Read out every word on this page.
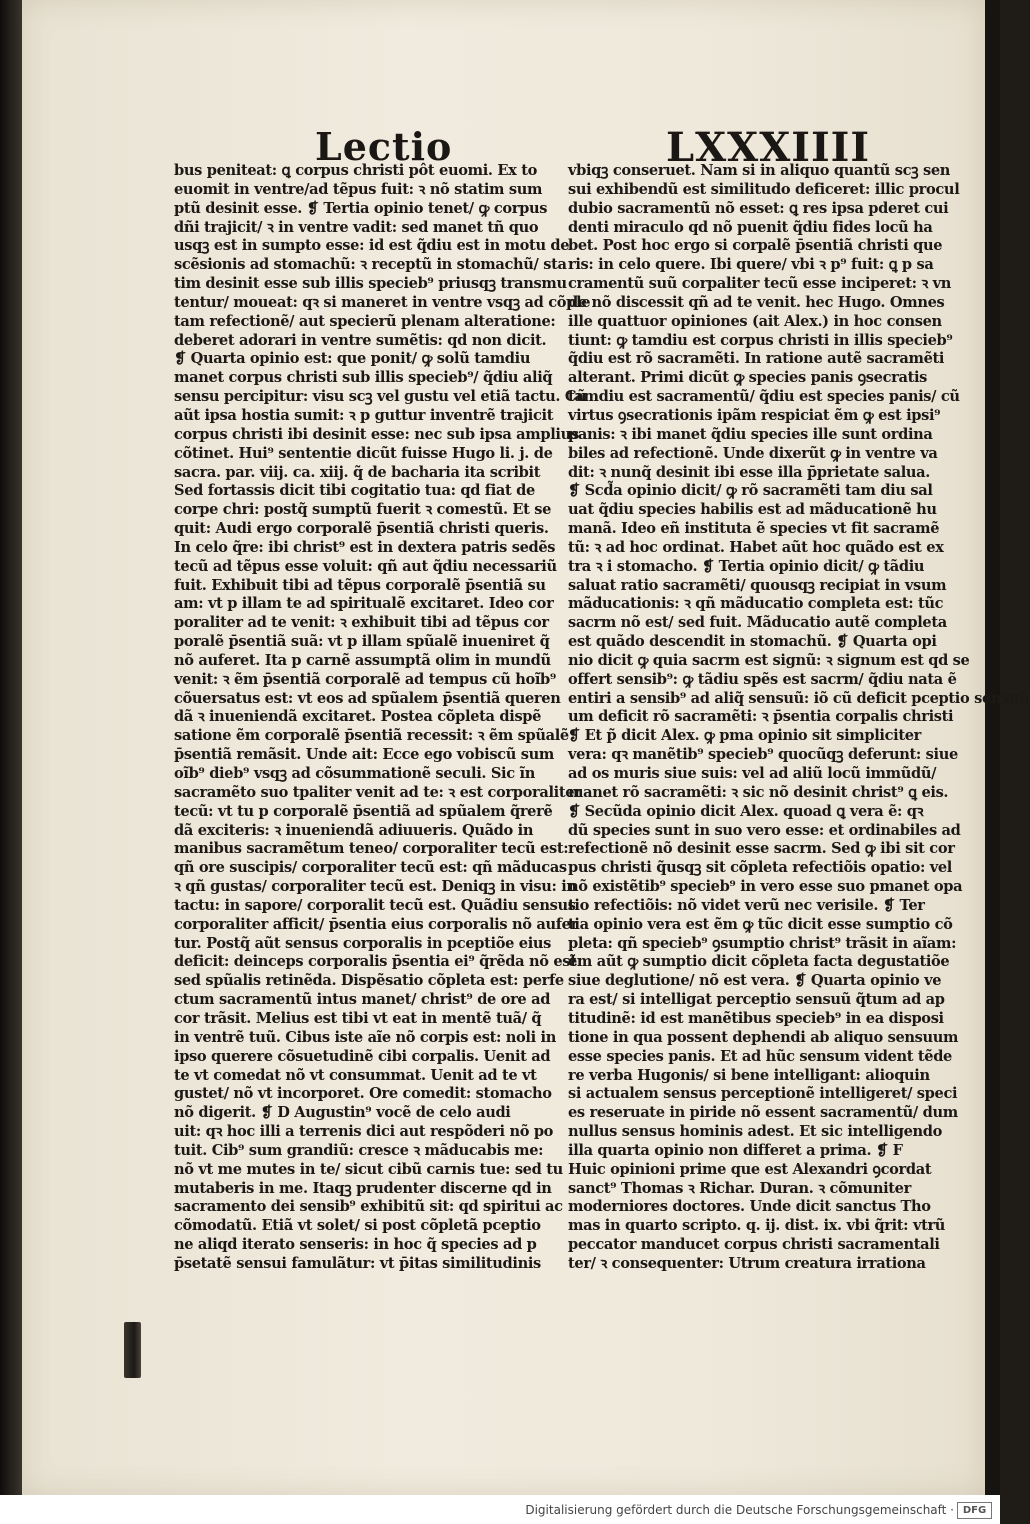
Lectio	LXXXIIII
bus peniteat: ꝗ corpus christi pôt euomi. Ex to
euomit in ventre/ad tẽpus fuit: ꝛ nõ statim sum
ptũ desinit esse. ❡ Tertia opinio tenet/ ꝙ corpus
dñi trajicit/ ꝛ in ventre vadit: sed manet tñ quo
usqꝫ est in sumpto esse: id est q̃diu est in motu de
scẽsionis ad stomachũ: ꝛ receptũ in stomachũ/ sta
tim desinit esse sub illis specieb⁹ priusqꝫ transmu
tentur/ moueat: qꝛ si maneret in ventre vsqꝫ ad cõple
tam refectionẽ/ aut specierũ plenam alteratione:
deberet adorari in ventre sumẽtis: qd non dicit.
❡ Quarta opinio est: que ponit/ ꝙ solũ tamdiu
manet corpus christi sub illis specieb⁹/ q̃diu aliq̃
sensu percipitur: visu scꝫ vel gustu vel etiã tactu. Cũ
aũt ipsa hostia sumit: ꝛ p guttur inventrẽ trajicit
corpus christi ibi desinit esse: nec sub ipsa amplius
cõtinet. Hui⁹ sententie dicũt fuisse Hugo li. j. de
sacra. par. viij. ca. xiij. q̃ de bacharia ita scribit
Sed fortassis dicit tibi cogitatio tua: qd fiat de
corpe chri: postq̃ sumptũ fuerit ꝛ comestũ. Et se
quit: Audi ergo corporalẽ p̄sentiã christi queris.
In celo q̃re: ibi christ⁹ est in dextera patris sedẽs
tecũ ad tẽpus esse voluit: qñ aut q̃diu necessariũ
fuit. Exhibuit tibi ad tẽpus corporalẽ p̄sentiã su
am: vt p illam te ad spiritualẽ excitaret. Ideo cor
poraliter ad te venit: ꝛ exhibuit tibi ad tẽpus cor
poralẽ p̄sentiã suã: vt p illam spũalẽ inueniret q̃
nõ auferet. Ita p carnẽ assumptã olim in mundũ
venit: ꝛ ẽm p̄sentiã corporalẽ ad tempus cũ hoĩb⁹
cõuersatus est: vt eos ad spũalem p̄sentiã queren
dã ꝛ inueniendã excitaret. Postea cõpleta dispẽ
satione ẽm corporalẽ p̄sentiã recessit: ꝛ ẽm spũalẽ
p̄sentiã remãsit. Unde ait: Ecce ego vobiscũ sum
oĩb⁹ dieb⁹ vsqꝫ ad cõsummationẽ seculi. Sic ĩn
sacramẽto suo tpaliter venit ad te: ꝛ est corporaliter
tecũ: vt tu p corporalẽ p̄sentiã ad spũalem q̃rerẽ
dã exciteris: ꝛ inueniendã adiuueris. Quãdo in
manibus sacramẽtum teneo/ corporaliter tecũ est:
qñ ore suscipis/ corporaliter tecũ est: qñ mãducas
ꝛ qñ gustas/ corporaliter tecũ est. Deniqꝫ in visu: in
tactu: in sapore/ corporalit tecũ est. Quãdiu sensus
corporaliter afficit/ p̄sentia eius corporalis nõ aufer
tur. Postq̃ aũt sensus corporalis in pceptiõe eius
deficit: deinceps corporalis p̄sentia ei⁹ q̃rẽda nõ est
sed spũalis retinẽda. Dispẽsatio cõpleta est: perfe
ctum sacramentũ intus manet/ christ⁹ de ore ad
cor trãsit. Melius est tibi vt eat in mentẽ tuã/ q̃
in ventrẽ tuũ. Cibus iste aĩe nõ corpis est: noli in
ipso querere cõsuetudinẽ cibi corpalis. Uenit ad
te vt comedat nõ vt consummat. Uenit ad te vt
gustet/ nõ vt incorporet. Ore comedit: stomacho
nõ digerit. ❡ D Augustin⁹ vocẽ de celo audi
uit: qꝛ hoc illi a terrenis dici aut respõderi nõ po
tuit. Cib⁹ sum grandiũ: cresce ꝛ mãducabis me:
nõ vt me mutes in te/ sicut cibũ carnis tue: sed tu
mutaberis in me. Itaqꝫ prudenter discerne qd in
sacramento dei sensib⁹ exhibitũ sit: qd spiritui ac
cõmodatũ. Etiã vt solet/ si post cõpletã pceptio
ne aliqd iterato senseris: in hoc q̃ species ad p
p̄setatẽ sensui famulãtur: vt p̄itas similitudinis
vbiqꝫ conseruet. Nam si in aliquo quantũ scꝫ sen
sui exhibendũ est similitudo deficeret: illic procul
dubio sacramentũ nõ esset: ꝗ res ipsa pderet cui
denti miraculo qd nõ puenit q̃diu fides locũ ha
bet. Post hoc ergo si corpalẽ p̄sentiã christi que
ris: in celo quere. Ibi quere/ vbi ꝛ p⁹ fuit: ꝗ p sa
cramentũ suũ corpaliter tecũ esse inciperet: ꝛ vn
de nõ discessit qñ ad te venit. hec Hugo. Omnes
ille quattuor opiniones (ait Alex.) in hoc consen
tiunt: ꝙ tamdiu est corpus christi in illis specieb⁹
q̃diu est rõ sacramẽti. In ratione autẽ sacramẽti
alterant. Primi dicũt ꝙ species panis ꝯsecratis
tamdiu est sacramentũ/ q̃diu est species panis/ cũ
virtus ꝯsecrationis ipãm respiciat ẽm ꝙ est ipsi⁹
panis: ꝛ ibi manet q̃diu species ille sunt ordina
biles ad refectionẽ. Unde dixerũt ꝙ in ventre va
dit: ꝛ nunq̃ desinit ibi esse illa p̄prietate salua.
❡ Scd̃a opinio dicit/ ꝙ rõ sacramẽti tam diu sal
uat q̃diu species habilis est ad mãducationẽ hu
manã. Ideo eñ instituta ẽ species vt fit sacramẽ
tũ: ꝛ ad hoc ordinat. Habet aũt hoc quãdo est ex
tra ꝛ i stomacho. ❡ Tertia opinio dicit/ ꝙ tãdiu
saluat ratio sacramẽti/ quousqꝫ recipiat in vsum
mãducationis: ꝛ qñ mãducatio completa est: tũc
sacrm nõ est/ sed fuit. Mãducatio autẽ completa
est quãdo descendit in stomachũ. ❡ Quarta opi
nio dicit ꝙ quia sacrm est signũ: ꝛ signum est qd se
offert sensib⁹: ꝙ tãdiu spẽs est sacrm/ q̃diu nata ẽ
entiri a sensib⁹ ad aliq̃ sensuũ: iõ cũ deficit pceptio sensuũ
um deficit rõ sacramẽti: ꝛ p̄sentia corpalis christi
❡ Et p̃ dicit Alex. ꝙ pma opinio sit simpliciter
vera: qꝛ manẽtib⁹ specieb⁹ quocũqꝫ deferunt: siue
ad os muris siue suis: vel ad aliũ locũ immũdũ/
manet rõ sacramẽti: ꝛ sic nõ desinit christ⁹ ꝗ eis.
❡ Secũda opinio dicit Alex. quoad ꝗ vera ẽ: qꝛ
dũ species sunt in suo vero esse: et ordinabiles ad
refectionẽ nõ desinit esse sacrm. Sed ꝙ ibi sit cor
pus christi q̃usqꝫ sit cõpleta refectiõis opatio: vel
nõ existẽtib⁹ specieb⁹ in vero esse suo pmanet opa
tio refectiõis: nõ videt verũ nec verisile. ❡ Ter
tia opinio vera est ẽm ꝙ tũc dicit esse sumptio cõ
pleta: qñ specieb⁹ ꝯsumptio christ⁹ trãsit in aĩam:
ẽm aũt ꝙ sumptio dicit cõpleta facta degustatiõe
siue deglutione/ nõ est vera. ❡ Quarta opinio ve
ra est/ si intelligat perceptio sensuũ q̃tum ad ap
titudinẽ: id est manẽtibus specieb⁹ in ea disposi
tione in qua possent dephendi ab aliquo sensuum
esse species panis. Et ad hũc sensum vident tẽde
re verba Hugonis/ si bene intelligant: alioquin
si actualem sensus perceptionẽ intelligeret/ speci
es reseruate in piride nõ essent sacramentũ/ dum
nullus sensus hominis adest. Et sic intelligendo
illa quarta opinio non differet a prima. ❡ F
Huic opinioni prime que est Alexandri ꝯcordat
sanct⁹ Thomas ꝛ Richar. Duran. ꝛ cõmuniter
moderniores doctores. Unde dicit sanctus Tho
mas in quarto scripto. q. ij. dist. ix. vbi q̃rit: vtrũ
peccator manducet corpus christi sacramentali
ter/ ꝛ consequenter: Utrum creatura irrationa
Digitalisierung gefördert durch die Deutsche Forschungsgemeinschaft · DFG
